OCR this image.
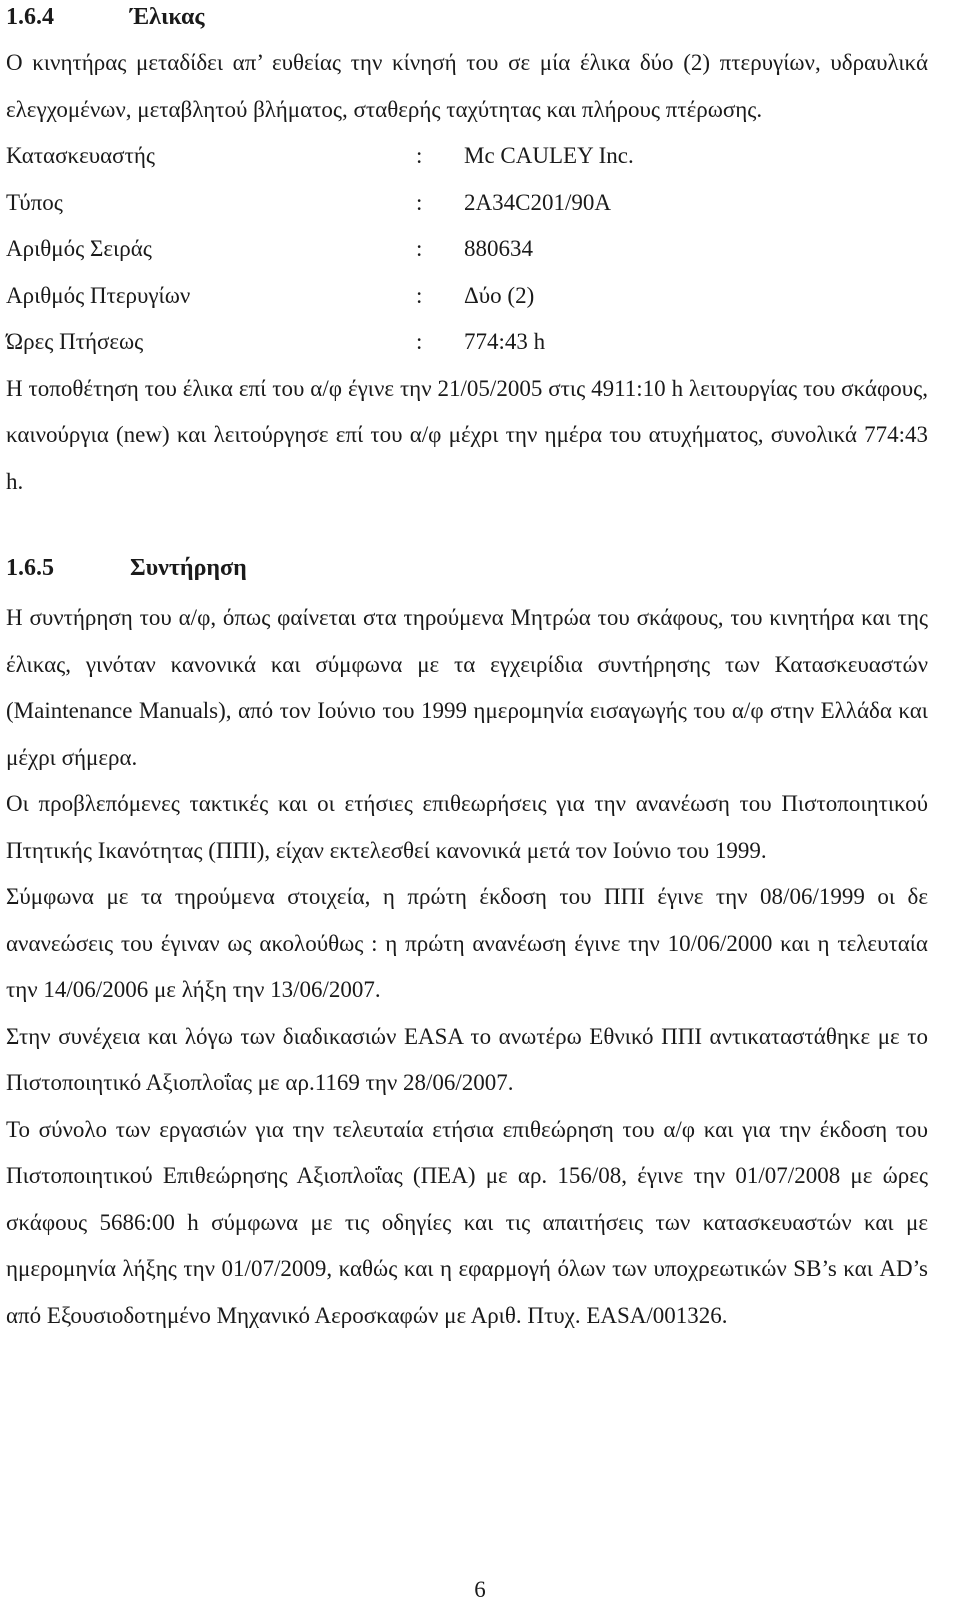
1.6.4	Έλικας

Ο κινητήρας μεταδίδει απ’ ευθείας την κίνησή του σε μία έλικα δύο (2) πτερυγίων, υδραυλικά ελεγχομένων, μεταβλητού βλήματος, σταθερής ταχύτητας και πλήρους πτέρωσης.

Κατασκευαστής	: Mc CAULEY Inc.
Τύπος	: 2A34C201/90A
Αριθμός Σειράς	: 880634
Αριθμός Πτερυγίων	: Δύο (2)
Ώρες Πτήσεως	: 774:43 h

Η τοποθέτηση του έλικα επί του α/φ έγινε την 21/05/2005 στις 4911:10 h λειτουργίας του σκάφους, καινούργια (new) και λειτούργησε επί του α/φ μέχρι την ημέρα του ατυχήματος, συνολικά 774:43 h.

1.6.5	Συντήρηση

Η συντήρηση του α/φ, όπως φαίνεται στα τηρούμενα Μητρώα του σκάφους, του κινητήρα και της έλικας, γινόταν κανονικά και σύμφωνα με τα εγχειρίδια συντήρησης των Κατασκευαστών (Maintenance Manuals), από τον Ιούνιο του 1999 ημερομηνία εισαγωγής του α/φ στην Ελλάδα και μέχρι σήμερα.

Οι προβλεπόμενες τακτικές και οι ετήσιες επιθεωρήσεις για την ανανέωση του Πιστοποιητικού Πτητικής Ικανότητας (ΠΠΙ), είχαν εκτελεσθεί κανονικά μετά τον Ιούνιο του 1999.

Σύμφωνα με τα τηρούμενα στοιχεία, η πρώτη έκδοση του ΠΠΙ έγινε την 08/06/1999 οι δε ανανεώσεις του έγιναν ως ακολούθως : η πρώτη ανανέωση έγινε την 10/06/2000 και η τελευταία την 14/06/2006 με λήξη την 13/06/2007.

Στην συνέχεια και λόγω των διαδικασιών EASA το ανωτέρω Εθνικό ΠΠΙ αντικαταστάθηκε με το Πιστοποιητικό Αξιοπλοΐας με αρ.1169 την 28/06/2007.

Το σύνολο των εργασιών για την τελευταία ετήσια επιθεώρηση του α/φ και για την έκδοση του Πιστοποιητικού Επιθεώρησης Αξιοπλοΐας (ΠΕΑ) με αρ. 156/08, έγινε την 01/07/2008 με ώρες σκάφους 5686:00 h σύμφωνα με τις οδηγίες και τις απαιτήσεις των κατασκευαστών και με ημερομηνία λήξης την 01/07/2009, καθώς και η εφαρμογή όλων των υποχρεωτικών SB’s και AD’s από Εξουσιοδοτημένο Μηχανικό Αεροσκαφών με Αριθ. Πτυχ. EASA/001326.

6
